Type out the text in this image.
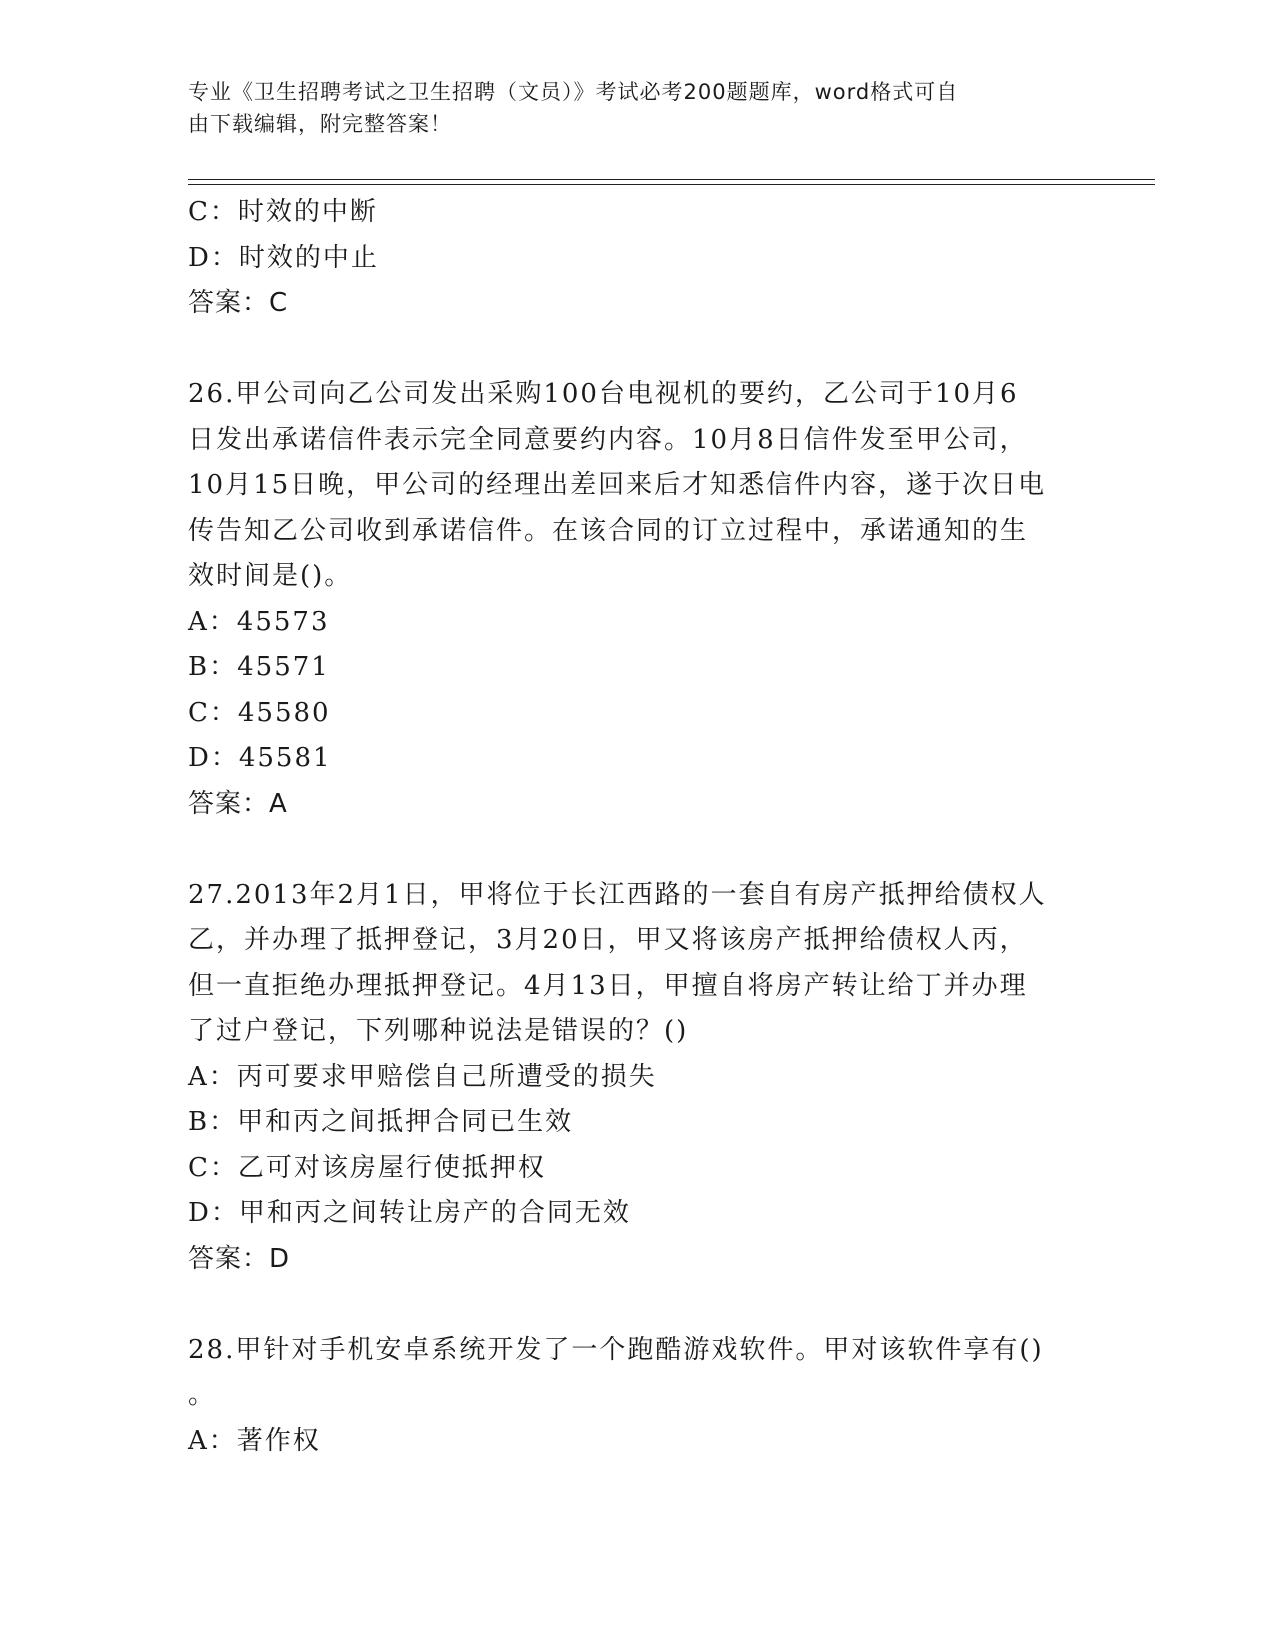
专业《卫生招聘考试之卫生招聘（文员）》考试必考200题题库，word格式可自
由下载编辑，附完整答案！
C：时效的中断
D：时效的中止
答案：C
26.甲公司向乙公司发出采购100台电视机的要约，乙公司于10月6
日发出承诺信件表示完全同意要约内容。10月8日信件发至甲公司，
10月15日晚，甲公司的经理出差回来后才知悉信件内容，遂于次日电
传告知乙公司收到承诺信件。在该合同的订立过程中，承诺通知的生
效时间是()。
A：45573
B：45571
C：45580
D：45581
答案：A
27.2013年2月1日，甲将位于长江西路的一套自有房产抵押给债权人
乙，并办理了抵押登记，3月20日，甲又将该房产抵押给债权人丙，
但一直拒绝办理抵押登记。4月13日，甲擅自将房产转让给丁并办理
了过户登记，下列哪种说法是错误的？()
A：丙可要求甲赔偿自己所遭受的损失
B：甲和丙之间抵押合同已生效
C：乙可对该房屋行使抵押权
D：甲和丙之间转让房产的合同无效
答案：D
28.甲针对手机安卓系统开发了一个跑酷游戏软件。甲对该软件享有()
。
A：著作权
